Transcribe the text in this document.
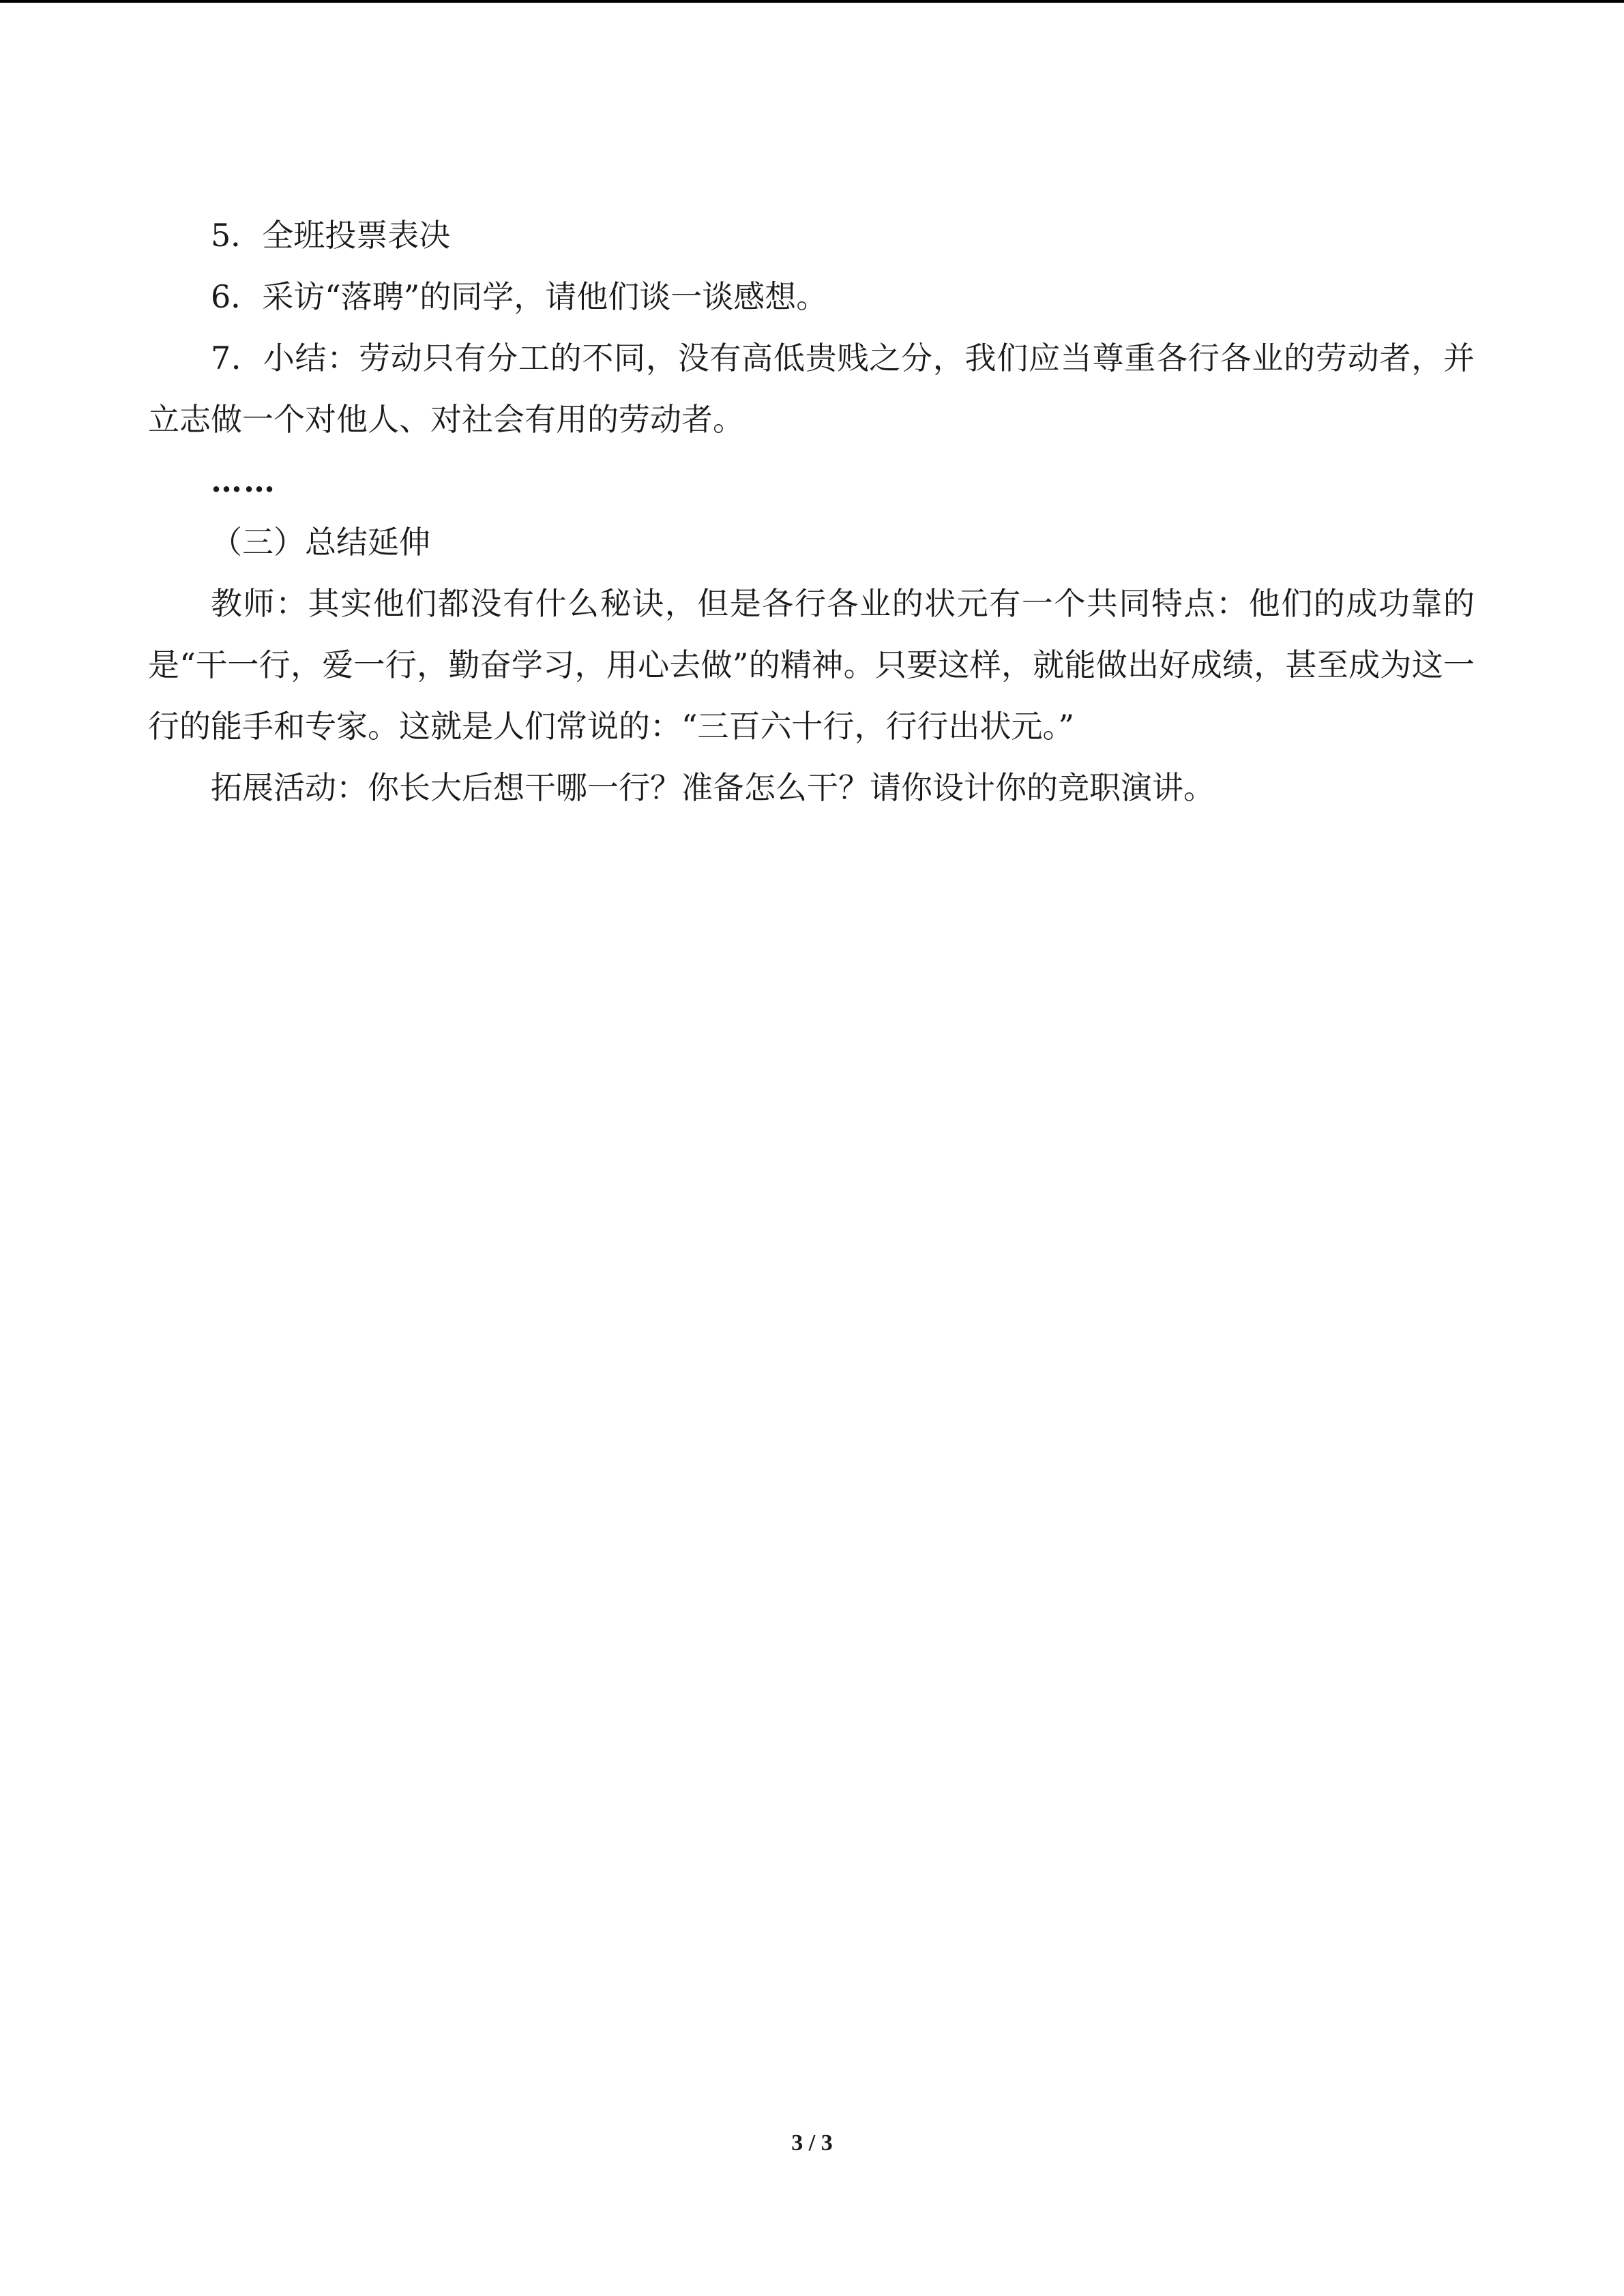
5．全班投票表决

6．采访“落聘”的同学，请他们谈一谈感想。

7．小结：劳动只有分工的不同，没有高低贵贱之分，我们应当尊重各行各业的劳动者，并立志做一个对他人、对社会有用的劳动者。

……

（三）总结延伸

教师：其实他们都没有什么秘诀，但是各行各业的状元有一个共同特点：他们的成功靠的是“干一行，爱一行，勤奋学习，用心去做”的精神。只要这样，就能做出好成绩，甚至成为这一行的能手和专家。这就是人们常说的：“三百六十行，行行出状元。”

拓展活动：你长大后想干哪一行？准备怎么干？请你设计你的竞职演讲。

3 / 3
